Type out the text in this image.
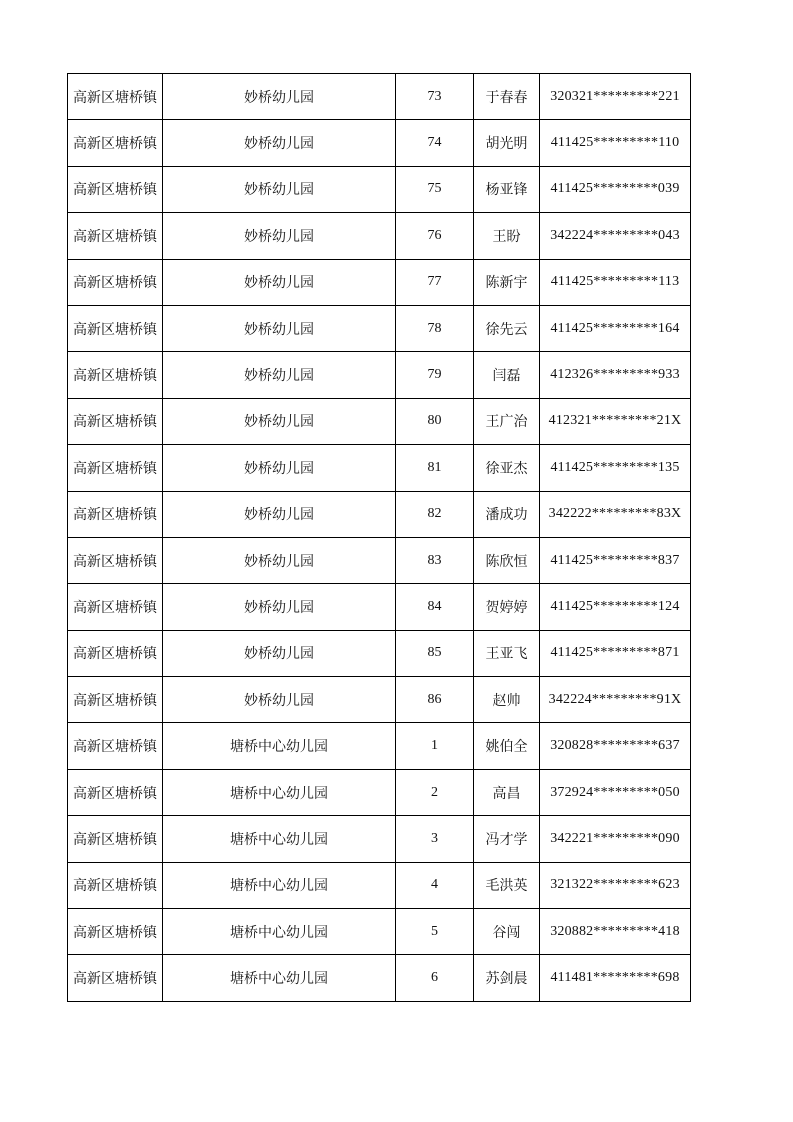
高新区塘桥镇	妙桥幼儿园	73	于春春	320321*********221
高新区塘桥镇	妙桥幼儿园	74	胡光明	411425*********110
高新区塘桥镇	妙桥幼儿园	75	杨亚锋	411425*********039
高新区塘桥镇	妙桥幼儿园	76	王盼	342224*********043
高新区塘桥镇	妙桥幼儿园	77	陈新宇	411425*********113
高新区塘桥镇	妙桥幼儿园	78	徐先云	411425*********164
高新区塘桥镇	妙桥幼儿园	79	闫磊	412326*********933
高新区塘桥镇	妙桥幼儿园	80	王广治	412321*********21X
高新区塘桥镇	妙桥幼儿园	81	徐亚杰	411425*********135
高新区塘桥镇	妙桥幼儿园	82	潘成功	342222*********83X
高新区塘桥镇	妙桥幼儿园	83	陈欣恒	411425*********837
高新区塘桥镇	妙桥幼儿园	84	贺婷婷	411425*********124
高新区塘桥镇	妙桥幼儿园	85	王亚飞	411425*********871
高新区塘桥镇	妙桥幼儿园	86	赵帅	342224*********91X
高新区塘桥镇	塘桥中心幼儿园	1	姚伯全	320828*********637
高新区塘桥镇	塘桥中心幼儿园	2	高昌	372924*********050
高新区塘桥镇	塘桥中心幼儿园	3	冯才学	342221*********090
高新区塘桥镇	塘桥中心幼儿园	4	毛洪英	321322*********623
高新区塘桥镇	塘桥中心幼儿园	5	谷闯	320882*********418
高新区塘桥镇	塘桥中心幼儿园	6	苏剑晨	411481*********698
